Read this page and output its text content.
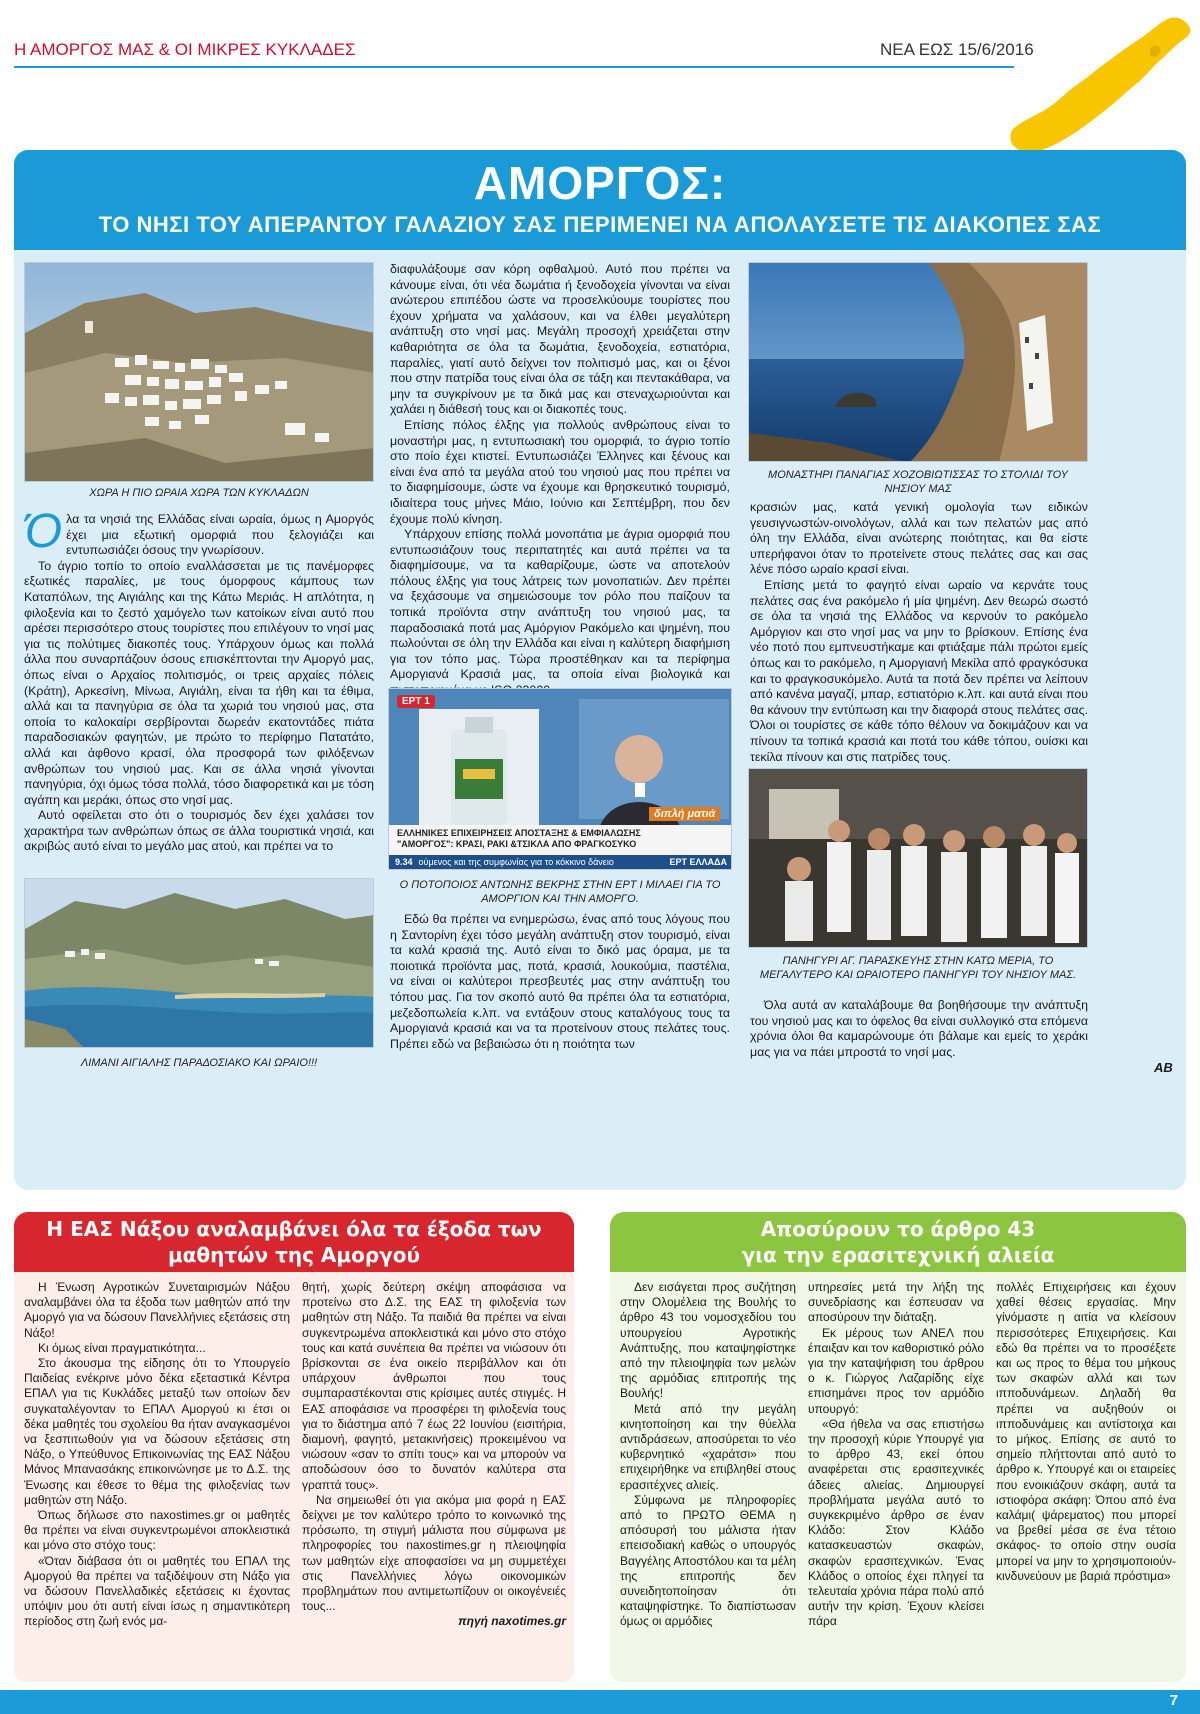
Η ΑΜΟΡΓΟΣ ΜΑΣ & ΟΙ ΜΙΚΡΕΣ ΚΥΚΛΑΔΕΣ	ΝΕΑ ΕΩΣ 15/6/2016
ΑΜΟΡΓΟΣ:
ΤΟ ΝΗΣΙ ΤΟΥ ΑΠΕΡΑΝΤΟΥ ΓΑΛΑΖΙΟΥ ΣΑΣ ΠΕΡΙΜΕΝΕΙ ΝΑ ΑΠΟΛΑΥΣΕΤΕ ΤΙΣ ΔΙΑΚΟΠΕΣ ΣΑΣ
ΧΩΡΑ Η ΠΙΟ ΩΡΑΙΑ ΧΩΡΑ ΤΩΝ ΚΥΚΛΑΔΩΝ

Όλα τα νησιά της Ελλάδας είναι ωραία, όμως η Αμοργός έχει μια εξωτική ομορφιά που ξελογιάζει και εντυπωσιάζει όσους την γνωρίσουν.

Το άγριο τοπίο το οποίο εναλλάσσεται με τις πανέμορφες εξωτικές παραλίες, με τους όμορφους κάμπους των Καταπόλων, της Αιγιάλης και της Κάτω Μεριάς. Η απλότητα, η φιλοξενία και το ζεστό χαμόγελο των κατοίκων είναι αυτό που αρέσει περισσότερο στους τουρίστες που επιλέγουν το νησί μας για τις πολύτιμες διακοπές τους. Υπάρχουν όμως και πολλά άλλα που συναρπάζουν όσους επισκέπτονται την Αμοργό μας, όπως είναι ο Αρχαίος πολιτισμός, οι τρεις αρχαίες πόλεις (Κράτη), Αρκεσίνη, Μίνωα, Αιγιάλη, είναι τα ήθη και τα έθιμα, αλλά και τα πανηγύρια σε όλα τα χωριά του νησιού μας, στα οποία το καλοκαίρι σερβίρονται δωρεάν εκατοντάδες πιάτα παραδοσιακών φαγητών, με πρώτο το περίφημο Πατατάτο, αλλά και άφθονο κρασί, όλα προσφορά των φιλόξενων ανθρώπων του νησιού μας. Και σε άλλα νησιά γίνονται πανηγύρια, όχι όμως τόσα πολλά, τόσο διαφορετικά και με τόση αγάπη και μεράκι, όπως στο νησί μας.

Αυτό οφείλεται στο ότι ο τουρισμός δεν έχει χαλάσει τον χαρακτήρα των ανθρώπων όπως σε άλλα τουριστικά νησιά, και ακριβώς αυτό είναι το μεγάλο μας ατού, και πρέπει να το

ΛΙΜΑΝΙ ΑΙΓΙΑΛΗΣ ΠΑΡΑΔΟΣΙΑΚΟ ΚΑΙ ΩΡΑΙΟ!!!

διαφυλάξουμε σαν κόρη οφθαλμού. Αυτό που πρέπει να κάνουμε είναι, ότι νέα δωμάτια ή ξενοδοχεία γίνονται να είναι ανώτερου επιπέδου ώστε να προσελκύουμε τουρίστες που έχουν χρήματα να χαλάσουν, και να έλθει μεγαλύτερη ανάπτυξη στο νησί μας. Μεγάλη προσοχή χρειάζεται στην καθαριότητα σε όλα τα δωμάτια, ξενοδοχεία, εστιατόρια, παραλίες, γιατί αυτό δείχνει τον πολιτισμό μας, και οι ξένοι που στην πατρίδα τους είναι όλα σε τάξη και πεντακάθαρα, να μην τα συγκρίνουν με τα δικά μας και στεναχωριούνται και χαλάει η διάθεσή τους και οι διακοπές τους.

Επίσης πόλος έλξης για πολλούς ανθρώπους είναι το μοναστήρι μας, η εντυπωσιακή του ομορφιά, το άγριο τοπίο στο ποίο έχει κτιστεί. Εντυπωσιάζει Έλληνες και ξένους και είναι ένα από τα μεγάλα ατού του νησιού μας που πρέπει να το διαφημίσουμε, ώστε να έχουμε και θρησκευτικό τουρισμό, ιδιαίτερα τους μήνες Μάιο, Ιούνιο και Σεπτέμβρη, που δεν έχουμε πολύ κίνηση.

Υπάρχουν επίσης πολλά μονοπάτια με άγρια ομορφιά που εντυπωσιάζουν τους περιπατητές και αυτά πρέπει να τα διαφημίσουμε, να τα καθαρίζουμε, ώστε να αποτελούν πόλους έλξης για τους λάτρεις των μονοπατιών. Δεν πρέπει να ξεχάσουμε να σημειώσουμε τον ρόλο που παίζουν τα τοπικά προϊόντα στην ανάπτυξη του νησιού μας, τα παραδοσιακά ποτά μας Αμόργιον Ρακόμελο και ψημένη, που πωλούνται σε όλη την Ελλάδα και είναι η καλύτερη διαφήμιση για τον τόπο μας. Τώρα προστέθηκαν και τα περίφημα Αμοργιανά Κρασιά μας, τα οποία είναι βιολογικά και

ΕΡΤ 1
διπλή ματιά
ΕΛΛΗΝΙΚΕΣ ΕΠΙΧΕΙΡΗΣΕΙΣ ΑΠΟΣΤΑΞΗΣ & ΕΜΦΙΑΛΩΣΗΣ
"ΑΜΟΡΓΟΣ": ΚΡΑΣΙ, ΡΑΚΙ &ΤΣΙΚΛΑ ΑΠΟ ΦΡΑΓΚΟΣΥΚΟ
9.34 ούμενος και της συμφωνίας για το κόκκινο δάνειο	ΕΡΤ ΕΛΛΑΔΑ
Ο ΠΟΤΟΠΟΙΟΣ ΑΝΤΩΝΗΣ ΒΕΚΡΗΣ ΣΤΗΝ ΕΡΤ Ι ΜΙΛΑΕΙ ΓΙΑ ΤΟ ΑΜΟΡΓΙΟΝ ΚΑΙ ΤΗΝ ΑΜΟΡΓΟ.

Εδώ θα πρέπει να ενημερώσω, ένας από τους λόγους που η Σαντορίνη έχει τόσο μεγάλη ανάπτυξη στον τουρισμό, είναι τα καλά κρασιά της. Αυτό είναι το δικό μας όραμα, με τα ποιοτικά προϊόντα μας, ποτά, κρασιά, λουκούμια, παστέλια, να είναι οι καλύτεροι πρεσβευτές μας στην ανάπτυξη του τόπου μας. Για τον σκοπό αυτό θα πρέπει όλα τα εστιατόρια, μεζεδοπωλεία κ.λπ. να εντάξουν στους καταλόγους τους τα Αμοργιανά κρασιά και να τα προτείνουν στους πελάτες τους. Πρέπει εδώ να βεβαιώσω ότι η ποιότητα των

ΜΟΝΑΣΤΗΡΙ ΠΑΝΑΓΙΑΣ ΧΟΖΟΒΙΩΤΙΣΣΑΣ ΤΟ ΣΤΟΛΙΔΙ ΤΟΥ ΝΗΣΙΟΥ ΜΑΣ

κρασιών μας, κατά γενική ομολογία των ειδικών γευσιγνωστών-οινολόγων, αλλά και των πελατών μας από όλη την Ελλάδα, είναι ανώτερης ποιότητας, και θα είστε υπερήφανοι όταν το προτείνετε στους πελάτες σας και σας λένε πόσο ωραίο κρασί είναι.

Επίσης μετά το φαγητό είναι ωραίο να κερνάτε τους πελάτες σας ένα ρακόμελο ή μία ψημένη. Δεν θεωρώ σωστό σε όλα τα νησιά της Ελλάδος να κερνούν το ρακόμελο Αμόργιον και στο νησί μας να μην το βρίσκουν. Επίσης ένα νέο ποτό που εμπνευστήκαμε και φτιάξαμε πάλι πρώτοι εμείς όπως και το ρακόμελο, η Αμοργιανή Μεκίλα από φραγκόσυκα και το φραγκοσυκόμελο. Αυτά τα ποτά δεν πρέπει να λείπουν από κανένα μαγαζί, μπαρ, εστιατόριο κ.λπ. και αυτά είναι που θα κάνουν την εντύπωση και την διαφορά στους πελάτες σας. Όλοι οι τουρίστες σε κάθε τόπο θέλουν να δοκιμάζουν και να πίνουν τα τοπικά κρασιά και ποτά του κάθε τόπου, ουίσκι και τεκίλα πίνουν και στις πατρίδες τους.

ΠΑΝΗΓΥΡΙ ΑΓ. ΠΑΡΑΣΚΕΥΗΣ ΣΤΗΝ ΚΑΤΩ ΜΕΡΙΑ, ΤΟ ΜΕΓΑΛΥΤΕΡΟ ΚΑΙ ΩΡΑΙΟΤΕΡΟ ΠΑΝΗΓΥΡΙ ΤΟΥ ΝΗΣΙΟΥ ΜΑΣ.

Όλα αυτά αν καταλάβουμε θα βοηθήσουμε την ανάπτυξη του νησιού μας και το όφελος θα είναι συλλογικό στα επόμενα χρόνια όλοι θα καμαρώνουμε ότι βάλαμε και εμείς το χεράκι μας για να πάει μπροστά το νησί μας.

ΑΒ
Η ΕΑΣ Νάξου αναλαμβάνει όλα τα έξοδα των
μαθητών της Αμοργού

Η Ένωση Αγροτικών Συνεταιρισμών Νάξου αναλαμβάνει όλα τα έξοδα των μαθητών από την Αμοργό για να δώσουν Πανελλήνιες εξετάσεις στη Νάξο!

Κι όμως είναι πραγματικότητα...

Στο άκουσμα της είδησης ότι το Υπουργείο Παιδείας ενέκρινε μόνο δέκα εξεταστικά Κέντρα ΕΠΑΛ για τις Κυκλάδες μεταξύ των οποίων δεν συγκαταλέγονταν το ΕΠΑΛ Αμοργού κι έτσι οι δέκα μαθητές του σχολείου θα ήταν αναγκασμένοι να ξεσπιτωθούν για να δώσουν εξετάσεις στη Νάξο, ο Υπεύθυνος Επικοινωνίας της ΕΑΣ Νάξου Μάνος Μπανασάκης επικοινώνησε με το Δ.Σ. της Ένωσης και έθεσε το θέμα της φιλοξενίας των μαθητών στη Νάξο.

Όπως δήλωσε στο naxostimes.gr οι μαθητές θα πρέπει να είναι συγκεντρωμένοι αποκλειστικά και μόνο στο στόχο τους:

«Όταν διάβασα ότι οι μαθητές του ΕΠΑΛ της Αμοργού θα πρέπει να ταξιδέψουν στη Νάξο για να δώσουν Πανελλαδικές εξετάσεις κι έχοντας υπόψιν μου ότι αυτή είναι ίσως η σημαντικότερη περίοδος στη ζωή ενός μα-

θητή, χωρίς δεύτερη σκέψη αποφάσισα να προτείνω στο Δ.Σ. της ΕΑΣ τη φιλοξενία των μαθητών στη Νάξο. Τα παιδιά θα πρέπει να είναι συγκεντρωμένα αποκλειστικά και μόνο στο στόχο τους και κατά συνέπεια θα πρέπει να νιώσουν ότι βρίσκονται σε ένα οικείο περιβάλλον και ότι υπάρχουν άνθρωποι που τους συμπαραστέκονται στις κρίσιμες αυτές στιγμές. Η ΕΑΣ αποφάσισε να προσφέρει τη φιλοξενία τους για το διάστημα από 7 έως 22 Ιουνίου (εισιτήρια, διαμονή, φαγητό, μετακινήσεις) προκειμένου να νιώσουν «σαν το σπίτι τους» και να μπορούν να αποδώσουν όσο το δυνατόν καλύτερα στα γραπτά τους».

Να σημειωθεί ότι για ακόμα μια φορά η ΕΑΣ δείχνει με τον καλύτερο τρόπο το κοινωνικό της πρόσωπο, τη στιγμή μάλιστα που σύμφωνα με πληροφορίες του naxostimes.gr η πλειοψηφία των μαθητών είχε αποφασίσει να μη συμμετέχει στις Πανελλήνιες λόγω οικονομικών προβλημάτων που αντιμετωπίζουν οι οικογένειές τους...

πηγή naxotimes.gr

Αποσύρουν το άρθρο 43
για την ερασιτεχνική αλιεία

Δεν εισάγεται προς συζήτηση στην Ολομέλεια της Βουλής το άρθρο 43 του νομοσχεδίου του υπουργείου Αγροτικής Ανάπτυξης, που καταψηφίστηκε από την πλειοψηφία των μελών της αρμόδιας επιτροπής της Βουλής!

Μετά από την μεγάλη κινητοποίηση και την θύελλα αντιδράσεων, αποσύρεται το νέο κυβερνητικό «χαράτσι» που επιχειρήθηκε να επιβληθεί στους ερασιτέχνες αλιείς.

Σύμφωνα με πληροφορίες από το ΠΡΩΤΟ ΘΕΜΑ η απόσυρσή του μάλιστα ήταν επεισοδιακή καθώς ο υπουργός Βαγγέλης Αποστόλου και τα μέλη της επιτροπής δεν συνειδητοποίησαν ότι καταψηφίστηκε. Το διαπίστωσαν όμως οι αρμόδιες

υπηρεσίες μετά την λήξη της συνεδρίασης και έσπευσαν να αποσύρουν την διάταξη.

Εκ μέρους των ΑΝΕΛ που έπαιξαν και τον καθοριστικό ρόλο για την καταψήφιση του άρθρου ο κ. Γιώργος Λαζαρίδης είχε επισημάνει προς τον αρμόδιο υπουργό:

«Θα ήθελα να σας επιστήσω την προσοχή κύριε Υπουργέ για το άρθρο 43, εκεί όπου αναφέρεται στις ερασιτεχνικές άδειες αλιείας. Δημιουργεί προβλήματα μεγάλα αυτό το συγκεκριμένο άρθρο σε έναν Κλάδο: Στον Κλάδο κατασκευαστών σκαφών, σκαφών ερασιτεχνικών. Ένας Κλάδος ο οποίος έχει πληγεί τα τελευταία χρόνια πάρα πολύ από αυτήν την κρίση. Έχουν κλείσει πάρα

πολλές Επιχειρήσεις και έχουν χαθεί θέσεις εργασίας. Μην γίνόμαστε η αιτία να κλείσουν περισσότερες Επιχειρήσεις. Και εδώ θα πρέπει να το προσέξετε και ως προς το θέμα του μήκους των σκαφών αλλά και των ιπποδυνάμεων. Δηλαδή θα πρέπει να αυξηθούν οι ιπποδυνάμεις και αντίστοιχα και το μήκος. Επίσης σε αυτό το σημείο πλήττονται από αυτό το άρθρο κ. Υπουργέ και οι εταιρείες που ενοικιάζουν σκάφη, αυτά τα ιστιοφόρα σκάφη: Όπου από ένα καλάμι( ψάρεματος) που μπορεί να βρεθεί μέσα σε ένα τέτοιο σκάφος- το οποίο στην ουσία μπορεί να μην το χρησιμοποιούν- κινδυνεύουν με βαριά πρόστιμα»

7
